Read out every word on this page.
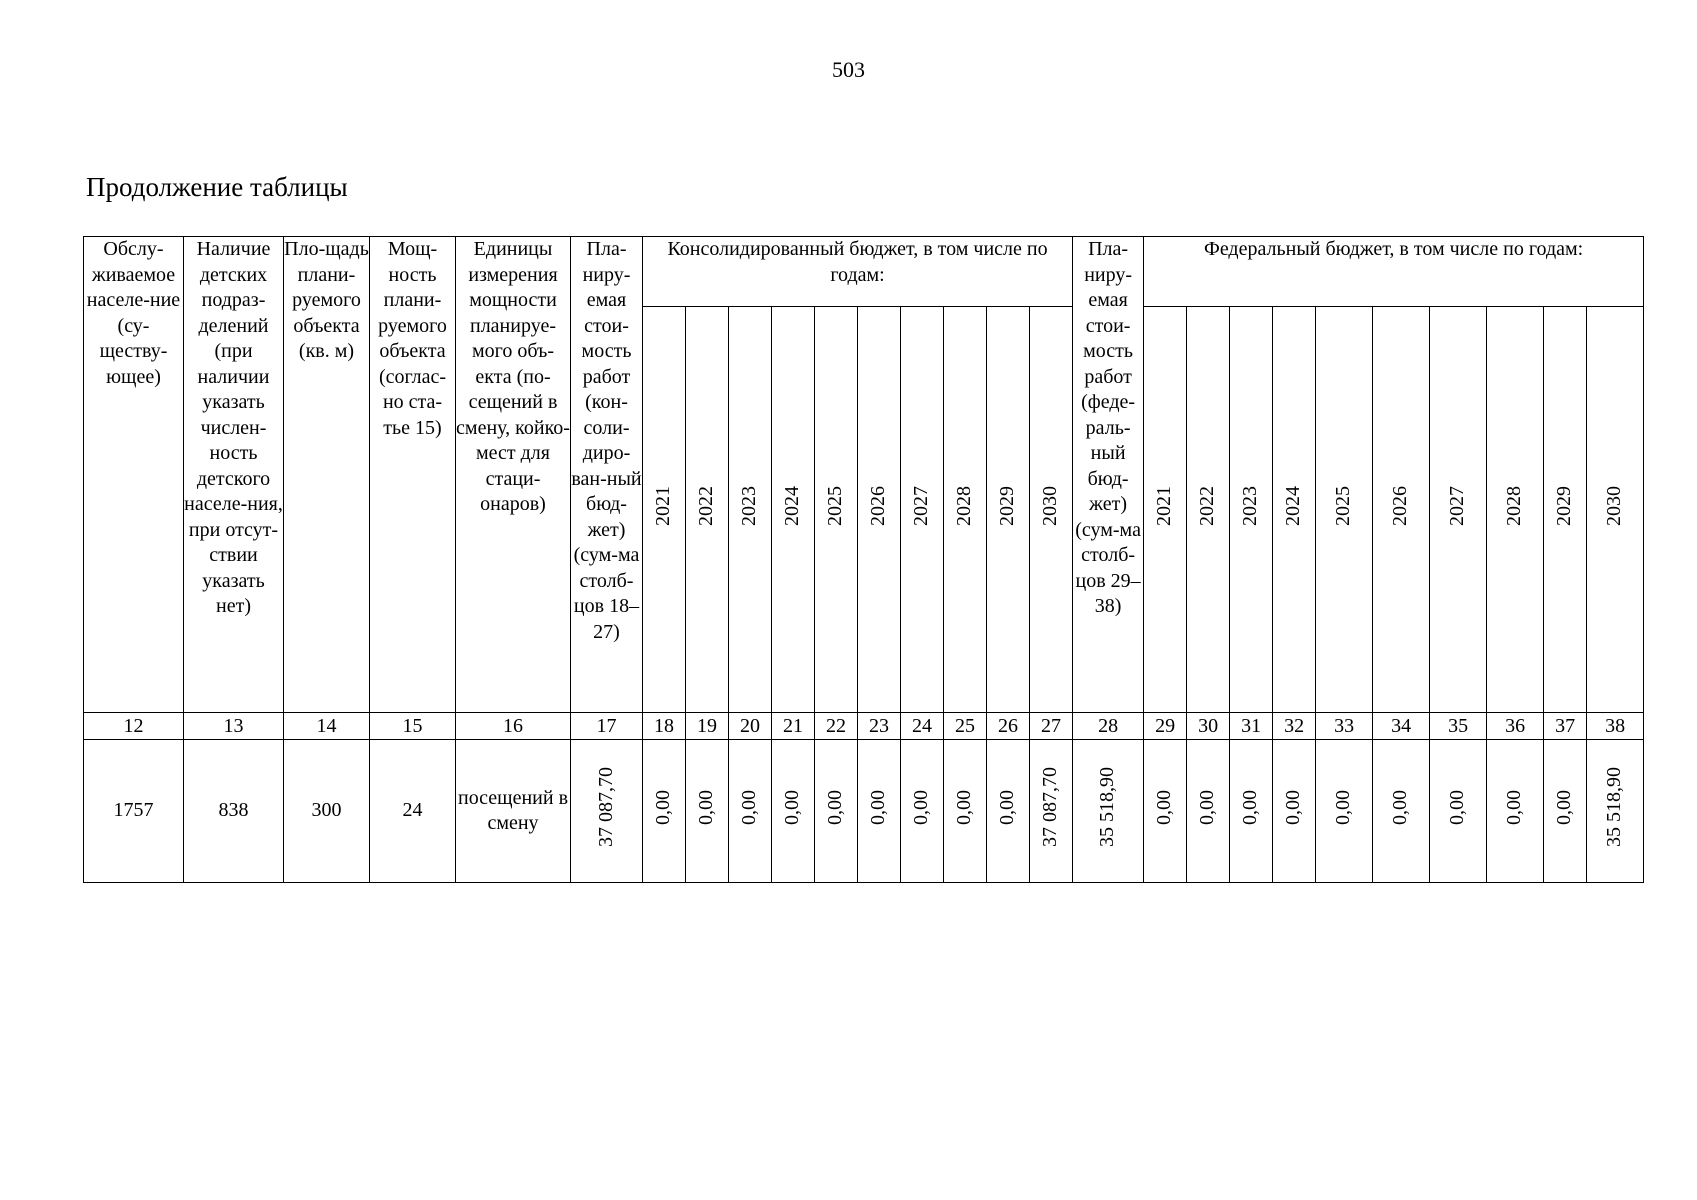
503
Продолжение таблицы
Обслу-живаемое населе-ние (су-ществу-ющее)	Наличие детских подраз-делений (при наличии указать числен-ность детского населе-ния, при отсут-ствии указать нет)	Пло-щадь плани-руемого объекта (кв. м)	Мощ-ность плани-руемого объекта (соглас-но ста-тье 15)	Единицы измерения мощности планируе-мого объ-екта (по-сещений в смену, койко-мест для стаци-онаров)	Пла-ниру-емая стои-мость работ (кон-соли-диро-ван-ный бюд-жет) (сум-ма столб-цов 18–27)	Консолидированный бюджет, в том числе по годам:										Пла-ниру-емая стои-мость работ (феде-раль-ный бюд-жет) (сум-ма столб-цов 29–38)	Федеральный бюджет, в том числе по годам:									
						2021	2022	2023	2024	2025	2026	2027	2028	2029	2030		2021	2022	2023	2024	2025	2026	2027	2028	2029	2030
12	13	14	15	16	17	18	19	20	21	22	23	24	25	26	27	28	29	30	31	32	33	34	35	36	37	38
1757	838	300	24	посещений в смену	37 087,70	0,00	0,00	0,00	0,00	0,00	0,00	0,00	0,00	0,00	37 087,70	35 518,90	0,00	0,00	0,00	0,00	0,00	0,00	0,00	0,00	0,00	35 518,90
